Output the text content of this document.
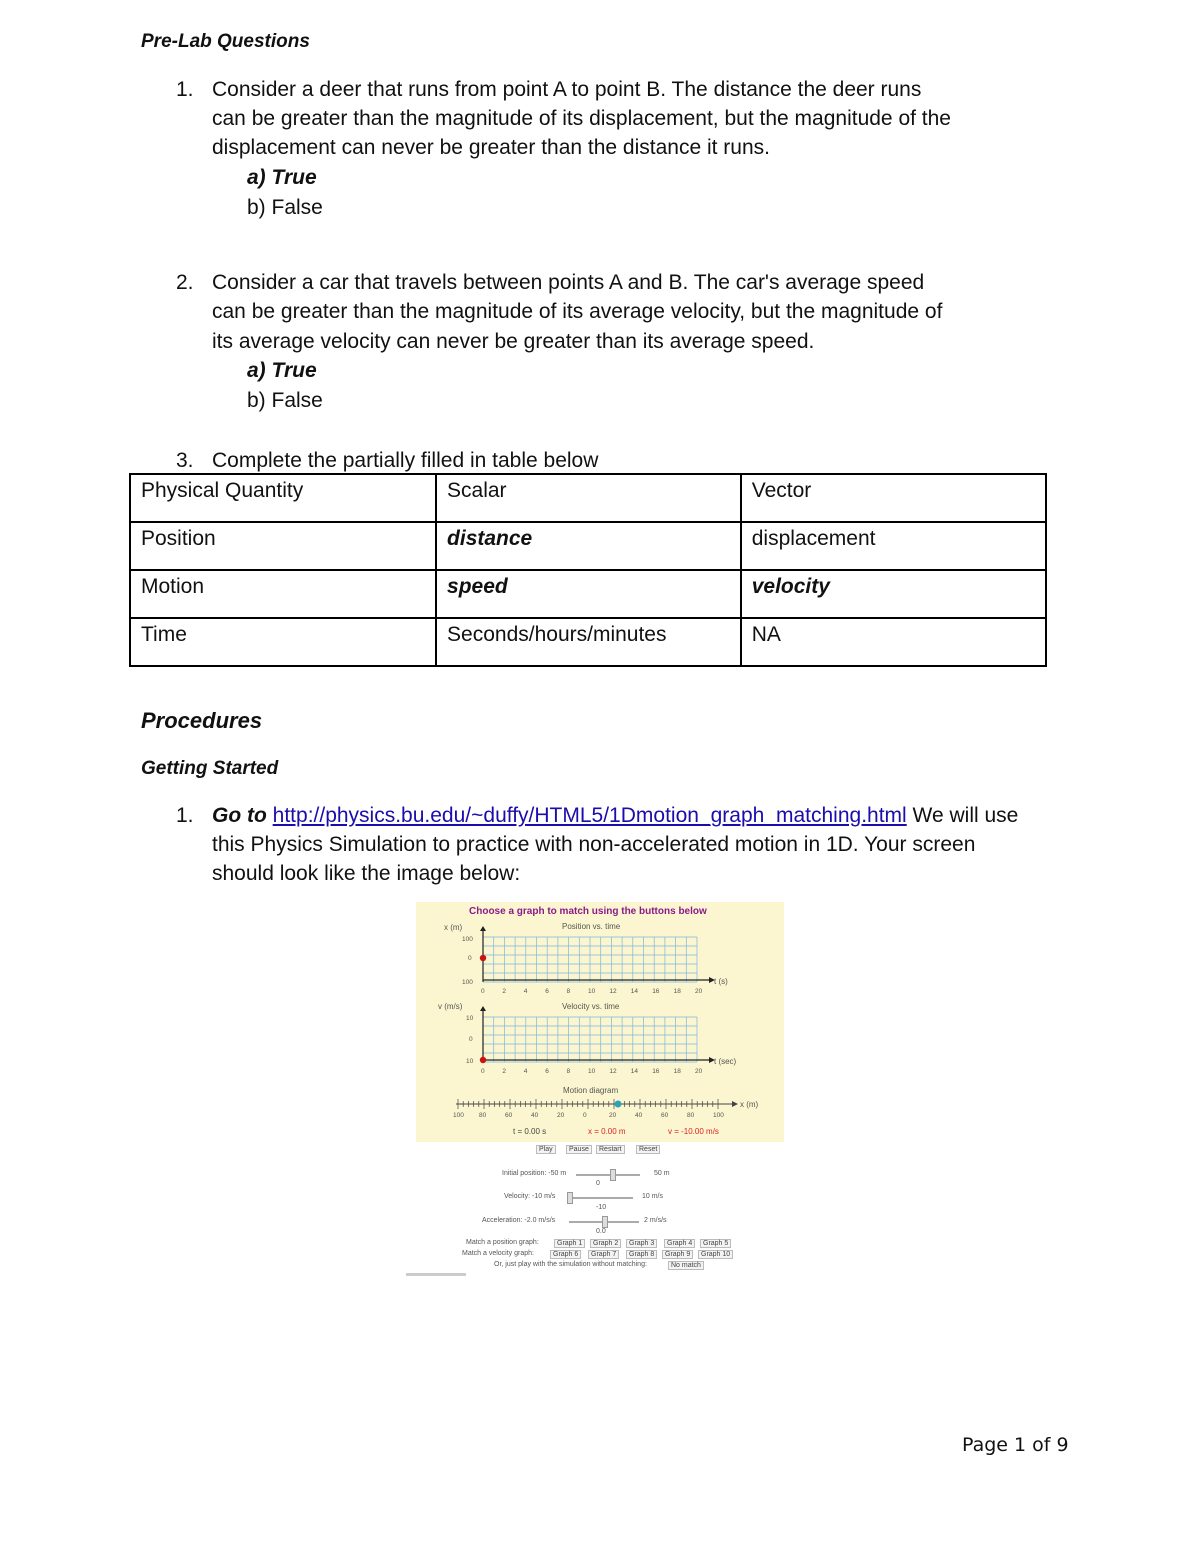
Pre-Lab Questions
1. Consider a deer that runs from point A to point B. The distance the deer runs
can be greater than the magnitude of its displacement, but the magnitude of the
displacement can never be greater than the distance it runs.
a) True
b) False
2. Consider a car that travels between points A and B. The car's average speed
can be greater than the magnitude of its average velocity, but the magnitude of
its average velocity can never be greater than its average speed.
a) True
b) False
3. Complete the partially filled in table below
Physical Quantity	Scalar	Vector
Position	distance	displacement
Motion	speed	velocity
Time	Seconds/hours/minutes	NA
Procedures
Getting Started
1. Go to http://physics.bu.edu/~duffy/HTML5/1Dmotion_graph_matching.html We will use
this Physics Simulation to practice with non-accelerated motion in 1D. Your screen
should look like the image below:
Choose a graph to match using the buttons below
x (m)	Position vs. time
100
0
100	t (s)
0	2	4	6	8	10 12 14 16 18 20
v (m/s)	Velocity vs. time
10
0
10	t (sec)
0	2	4	6	8	10 12 14 16 18 20
Motion diagram
100 80	60	40	20	0	20	40	60	80	100
x (m)
t = 0.00 s	x = 0.00 m	v = -10.00 m/s
Play	Pause	Restart	Reset
Initial position: -50 m	50 m
0
Velocity: -10 m/s	10 m/s
-10
Acceleration: -2.0 m/s/s	2 m/s/s
0.0
Match a position graph:	Graph 1	Graph 2	Graph 3	Graph 4	Graph 5
Match a velocity graph:	Graph 6	Graph 7	Graph 8	Graph 9	Graph 10
Or, just play with the simulation without matching:	No match
Page 1 of 9
